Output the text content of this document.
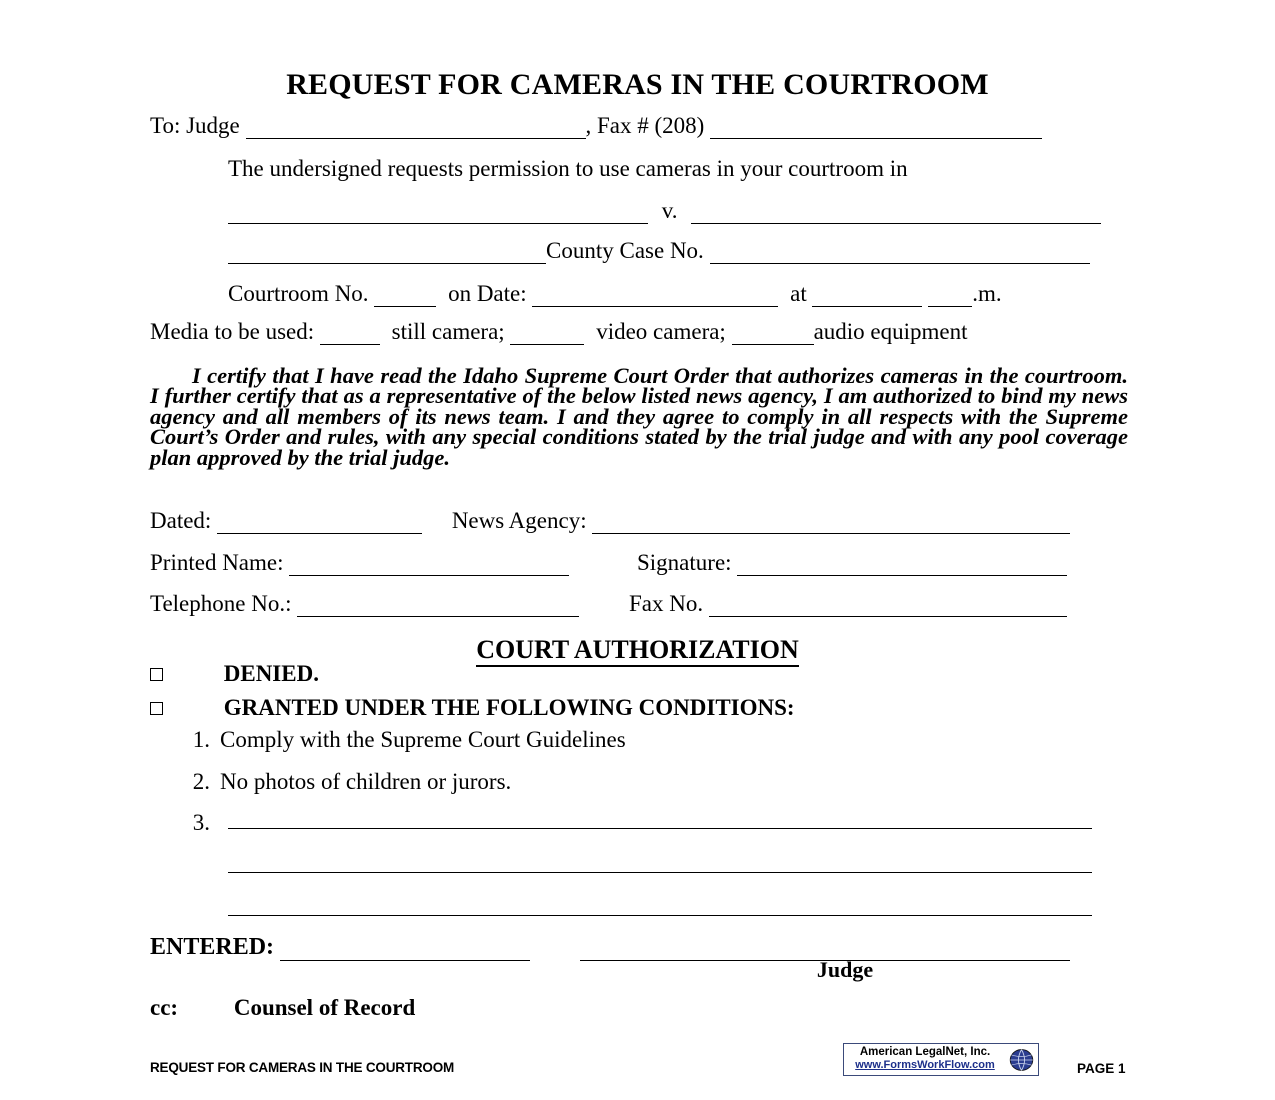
REQUEST FOR CAMERAS IN THE COURTROOM
To: Judge	, Fax # (208)
The undersigned requests permission to use cameras in your courtroom in
v.
County Case No.
Courtroom No.	on Date:	at	.m.
Media to be used:	still camera;	video camera;	audio equipment

I certify that I have read the Idaho Supreme Court Order that authorizes cameras in the courtroom. I further certify that as a representative of the below listed news agency, I am authorized to bind my news agency and all members of its news team. I and they agree to comply in all respects with the Supreme Court’s Order and rules, with any special conditions stated by the trial judge and with any pool coverage plan approved by the trial judge.

Dated:	News Agency:
Printed Name:	Signature:
Telephone No.:	Fax No.
COURT AUTHORIZATION
DENIED.
GRANTED UNDER THE FOLLOWING CONDITIONS:
1. Comply with the Supreme Court Guidelines
2. No photos of children or jurors.
3.
ENTERED:
Judge
cc: Counsel of Record
REQUEST FOR CAMERAS IN THE COURTROOM	PAGE 1
American LegalNet, Inc.
www.FormsWorkFlow.com
